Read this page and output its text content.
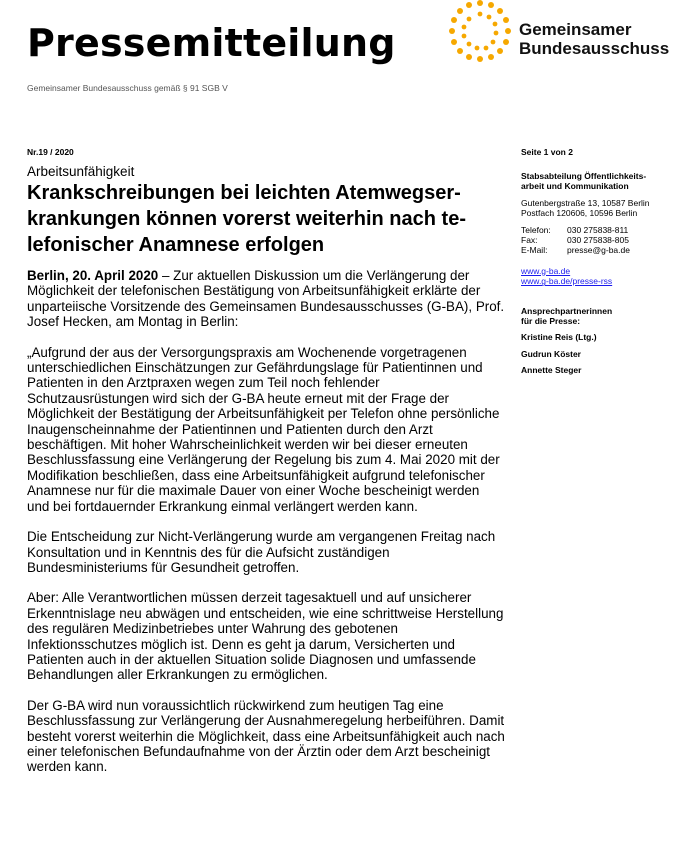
Pressemitteilung
Gemeinsamer Bundesausschuss gemäß § 91 SGB V
Gemeinsamer
Bundesausschuss
Nr.19 / 2020	Seite 1 von 2
Arbeitsunfähigkeit
Krankschreibungen bei leichten Atemwegser-
krankungen können vorerst weiterhin nach te-
lefonischer Anamnese erfolgen

Berlin, 20. April 2020 – Zur aktuellen Diskussion um die Verlängerung der Möglichkeit der telefonischen Bestätigung von Arbeitsunfähigkeit erklärte der unparteiische Vorsitzende des Gemeinsamen Bundesausschusses (G-BA), Prof. Josef Hecken, am Montag in Berlin:

„Aufgrund der aus der Versorgungspraxis am Wochenende vorgetragenen unterschiedlichen Einschätzungen zur Gefährdungslage für Patientinnen und Patienten in den Arztpraxen wegen zum Teil noch fehlender Schutzausrüstungen wird sich der G-BA heute erneut mit der Frage der Möglichkeit der Bestätigung der Arbeitsunfähigkeit per Telefon ohne persönliche Inaugenscheinnahme der Patientinnen und Patienten durch den Arzt beschäftigen. Mit hoher Wahrscheinlichkeit werden wir bei dieser erneuten Beschlussfassung eine Verlängerung der Regelung bis zum 4. Mai 2020 mit der Modifikation beschließen, dass eine Arbeitsunfähigkeit aufgrund telefonischer Anamnese nur für die maximale Dauer von einer Woche bescheinigt werden und bei fortdauernder Erkrankung einmal verlängert werden kann.

Die Entscheidung zur Nicht-Verlängerung wurde am vergangenen Freitag nach Konsultation und in Kenntnis des für die Aufsicht zuständigen Bundesministeriums für Gesundheit getroffen.

Aber: Alle Verantwortlichen müssen derzeit tagesaktuell und auf unsicherer Erkenntnislage neu abwägen und entscheiden, wie eine schrittweise Herstellung des regulären Medizinbetriebes unter Wahrung des gebotenen Infektionsschutzes möglich ist. Denn es geht ja darum, Versicherten und Patienten auch in der aktuellen Situation solide Diagnosen und umfassende Behandlungen aller Erkrankungen zu ermöglichen.

Der G-BA wird nun voraussichtlich rückwirkend zum heutigen Tag eine Beschlussfassung zur Verlängerung der Ausnahmeregelung herbeiführen. Damit besteht vorerst weiterhin die Möglichkeit, dass eine Arbeitsunfähigkeit auch nach einer telefonischen Befundaufnahme von der Ärztin oder dem Arzt bescheinigt werden kann.

Stabsabteilung Öffentlichkeits-
arbeit und Kommunikation
Gutenbergstraße 13, 10587 Berlin
Postfach 120606, 10596 Berlin
Telefon:	030 275838-811
Fax:	030 275838-805
E-Mail:	presse@g-ba.de
www.g-ba.de
www.g-ba.de/presse-rss
Ansprechpartnerinnen
für die Presse:
Kristine Reis (Ltg.)
Gudrun Köster
Annette Steger
